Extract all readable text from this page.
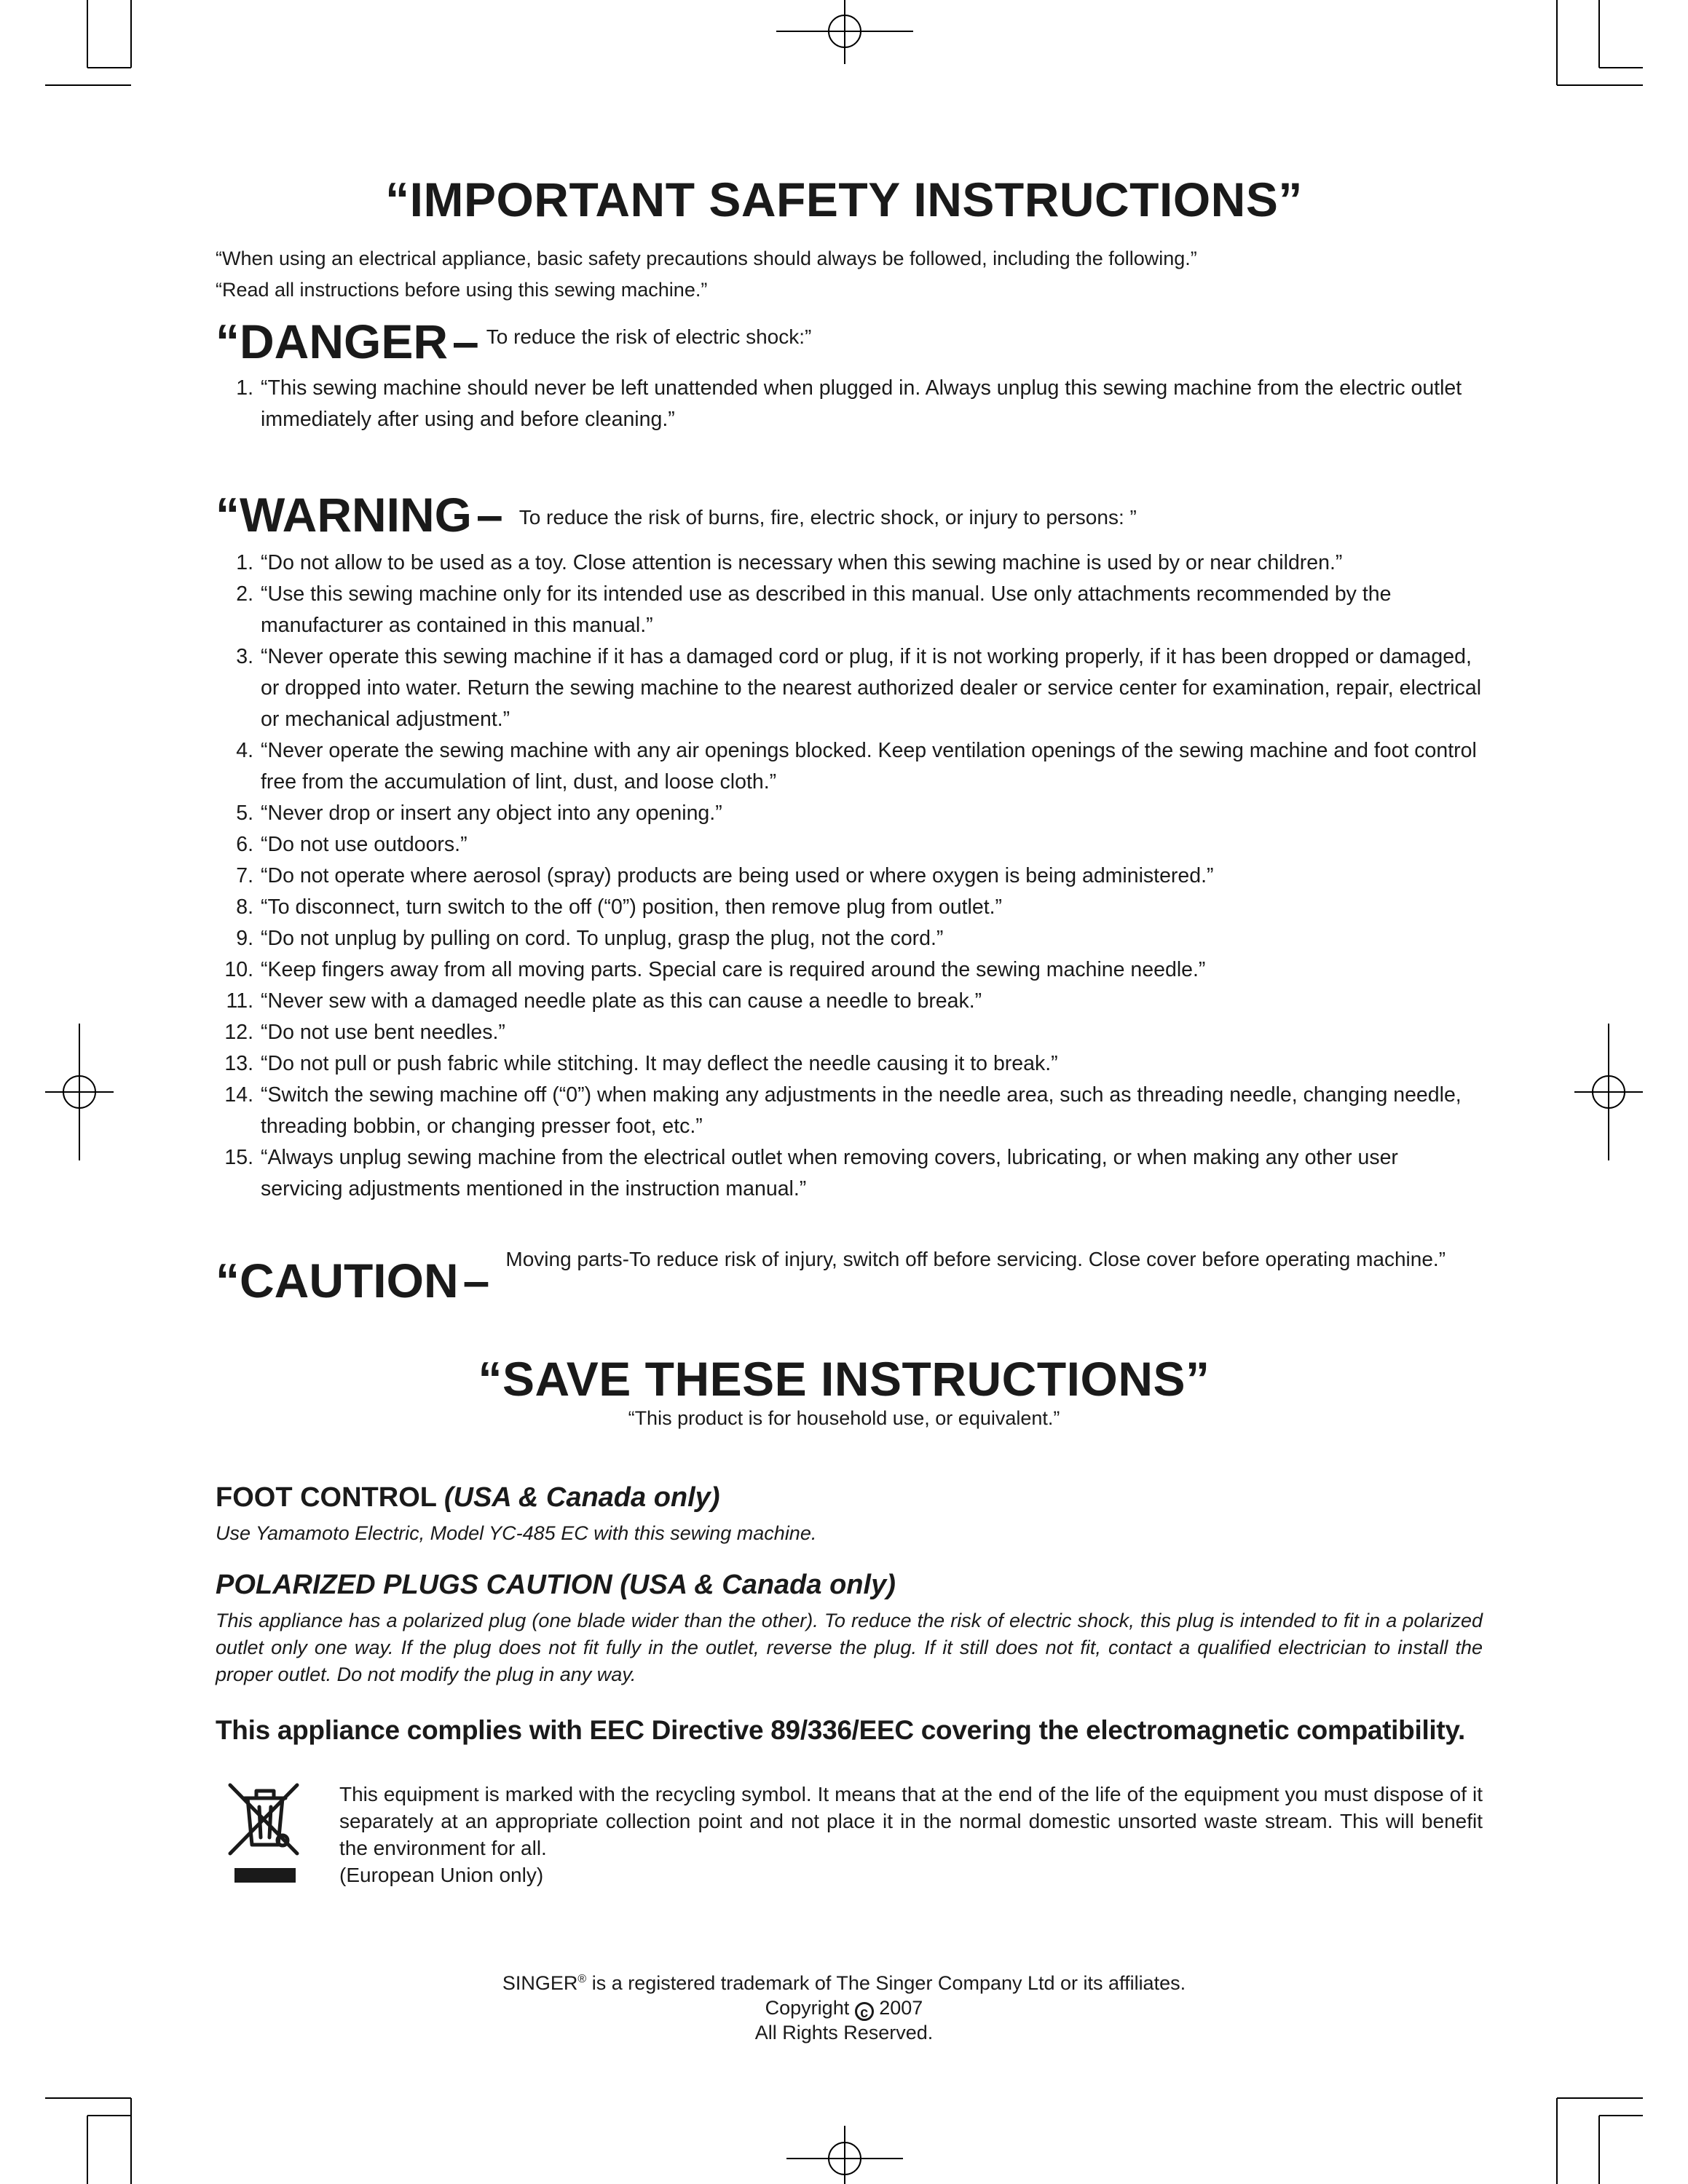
“IMPORTANT SAFETY INSTRUCTIONS”
“When using an electrical appliance, basic safety precautions should always be followed, including the following.”
“Read all instructions before using this sewing machine.”
“DANGER – To reduce the risk of electric shock:”
1. “This sewing machine should never be left unattended when plugged in. Always unplug this sewing machine from the electric outlet immediately after using and before cleaning.”
“WARNING – To reduce the risk of burns, fire, electric shock, or injury to persons: ”
1. “Do not allow to be used as a toy. Close attention is necessary when this sewing machine is used by or near children.”
2. “Use this sewing machine only for its intended use as described in this manual. Use only attachments recommended by the manufacturer as contained in this manual.”
3. “Never operate this sewing machine if it has a damaged cord or plug, if it is not working properly, if it has been dropped or damaged, or dropped into water. Return the sewing machine to the nearest authorized dealer or service center for examination, repair, electrical or mechanical adjustment.”
4. “Never operate the sewing machine with any air openings blocked. Keep ventilation openings of the sewing machine and foot control free from the accumulation of lint, dust, and loose cloth.”
5. “Never drop or insert any object into any opening.”
6. “Do not use outdoors.”
7. “Do not operate where aerosol (spray) products are being used or where oxygen is being administered.”
8. “To disconnect, turn switch to the off (“0”) position, then remove plug from outlet.”
9. “Do not unplug by pulling on cord. To unplug, grasp the plug, not the cord.”
10. “Keep fingers away from all moving parts. Special care is required around the sewing machine needle.”
11. “Never sew with a damaged needle plate as this can cause a needle to break.”
12. “Do not use bent needles.”
13. “Do not pull or push fabric while stitching. It may deflect the needle causing it to break.”
14. “Switch the sewing machine off (“0”) when making any adjustments in the needle area, such as threading needle, changing needle, threading bobbin, or changing presser foot, etc.”
15. “Always unplug sewing machine from the electrical outlet when removing covers, lubricating, or when making any other user servicing adjustments mentioned in the instruction manual.”
“CAUTION – Moving parts-To reduce risk of injury, switch off before servicing. Close cover before operating machine.”
“SAVE THESE INSTRUCTIONS”
“This product is for household use, or equivalent.”
FOOT CONTROL (USA & Canada only)
Use Yamamoto Electric, Model YC-485 EC with this sewing machine.
POLARIZED PLUGS CAUTION (USA & Canada only)
This appliance has a polarized plug (one blade wider than the other). To reduce the risk of electric shock, this plug is intended to fit in a polarized outlet only one way. If the plug does not fit fully in the outlet, reverse the plug. If it still does not fit, contact a qualified electrician to install the proper outlet. Do not modify the plug in any way.
This appliance complies with EEC Directive 89/336/EEC covering the electromagnetic compatibility.
This equipment is marked with the recycling symbol. It means that at the end of the life of the equipment you must dispose of it separately at an appropriate collection point and not place it in the normal domestic unsorted waste stream. This will benefit the environment for all.
(European Union only)
SINGER® is a registered trademark of The Singer Company Ltd or its affiliates.
Copyright c 2007
All Rights Reserved.
